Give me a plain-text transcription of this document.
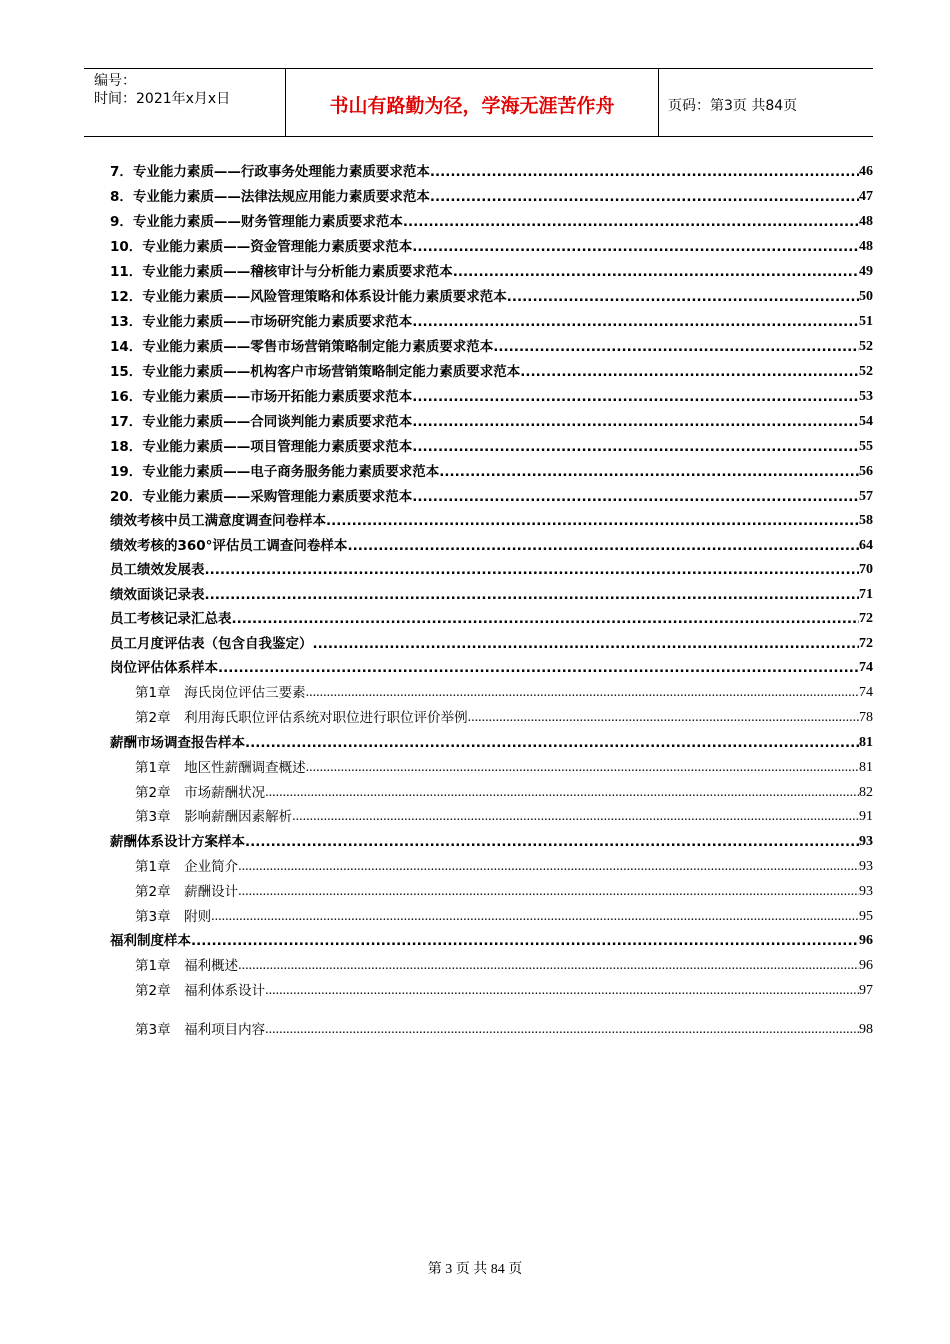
编号：
时间：2021年x月x日	书山有路勤为径，学海无涯苦作舟	页码：第3页 共84页
7．专业能力素质——行政事务处理能力素质要求范本 .....	46
8．专业能力素质——法律法规应用能力素质要求范本 .....	47
9．专业能力素质——财务管理能力素质要求范本 .....	48
10．专业能力素质——资金管理能力素质要求范本 .....	48
11．专业能力素质——稽核审计与分析能力素质要求范本 .....	49
12．专业能力素质——风险管理策略和体系设计能力素质要求范本 .....	50
13．专业能力素质——市场研究能力素质要求范本 .....	51
14．专业能力素质——零售市场营销策略制定能力素质要求范本 .....	52
15．专业能力素质——机构客户市场营销策略制定能力素质要求范本 .....	52
16．专业能力素质——市场开拓能力素质要求范本 .....	53
17．专业能力素质——合同谈判能力素质要求范本 .....	54
18．专业能力素质——项目管理能力素质要求范本 .....	55
19．专业能力素质——电子商务服务能力素质要求范本 .....	56
20．专业能力素质——采购管理能力素质要求范本 .....	57
绩效考核中员工满意度调查问卷样本 .....	58
绩效考核的360°评估员工调查问卷样本 .....	64
员工绩效发展表 .....	70
绩效面谈记录表 .....	71
员工考核记录汇总表 .....	72
员工月度评估表（包含自我鉴定） .....	72
岗位评估体系样本 .....	74
第1章　海氏岗位评估三要素 .....	74
第2章　利用海氏职位评估系统对职位进行职位评价举例 .....	78
薪酬市场调查报告样本 .....	81
第1章　地区性薪酬调查概述 .....	81
第2章　市场薪酬状况 .....	82
第3章　影响薪酬因素解析 .....	91
薪酬体系设计方案样本 .....	93
第1章　企业简介 .....	93
第2章　薪酬设计 .....	93
第3章　附则 .....	95
福利制度样本 .....	96
第1章　福利概述 .....	96
第2章　福利体系设计 .....	97
第3章　福利项目内容 .....	98
第 3 页 共 84 页
